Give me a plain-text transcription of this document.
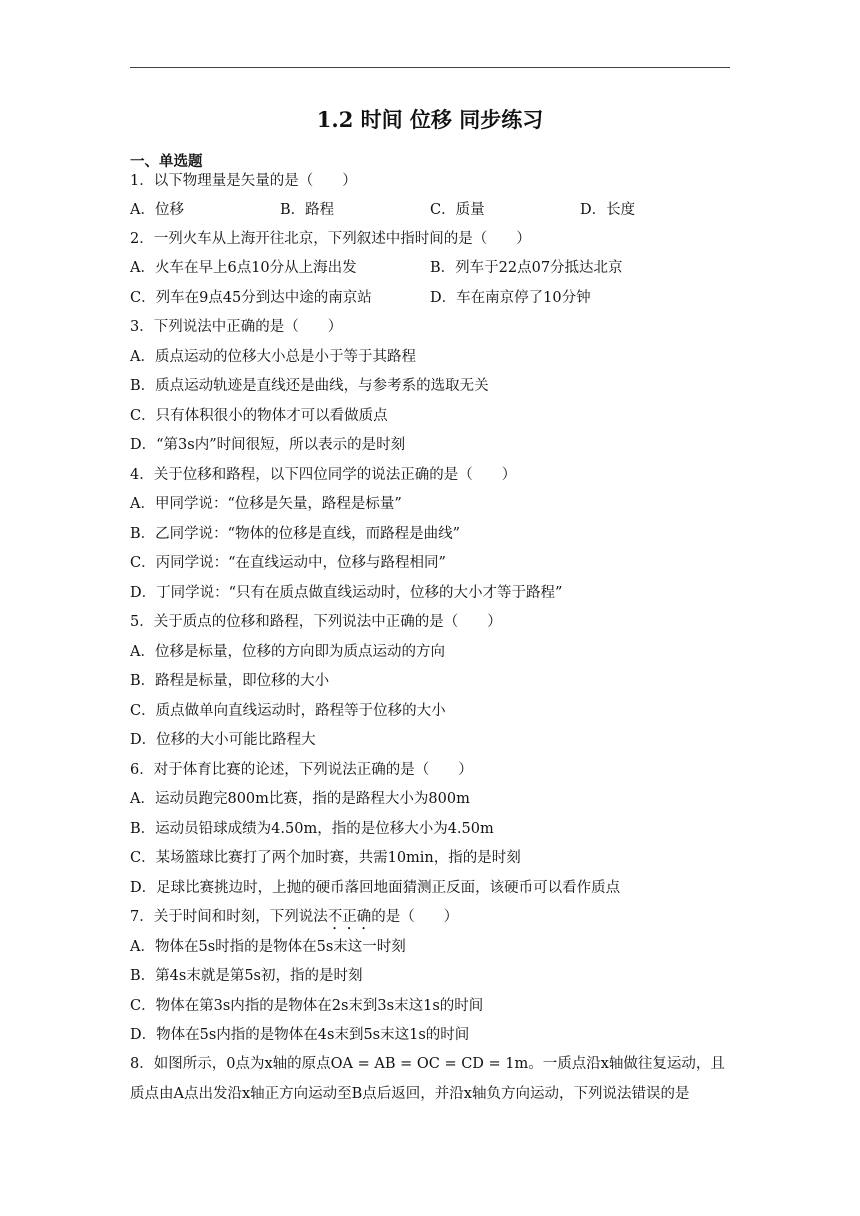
1.2 时间 位移 同步练习
一、单选题
1．以下物理量是矢量的是（　　）
A．位移	B．路程	C．质量	D．长度
2．一列火车从上海开往北京，下列叙述中指时间的是（　　）
A．火车在早上6点10分从上海出发	B．列车于22点07分抵达北京
C．列车在9点45分到达中途的南京站	D．车在南京停了10分钟
3．下列说法中正确的是（　　）
A．质点运动的位移大小总是小于等于其路程
B．质点运动轨迹是直线还是曲线，与参考系的选取无关
C．只有体积很小的物体才可以看做质点
D．“第3s内”时间很短，所以表示的是时刻
4．关于位移和路程，以下四位同学的说法正确的是（　　）
A．甲同学说：“位移是矢量，路程是标量”
B．乙同学说：“物体的位移是直线，而路程是曲线”
C．丙同学说：“在直线运动中，位移与路程相同”
D．丁同学说：“只有在质点做直线运动时，位移的大小才等于路程”
5．关于质点的位移和路程，下列说法中正确的是（　　）
A．位移是标量，位移的方向即为质点运动的方向
B．路程是标量，即位移的大小
C．质点做单向直线运动时，路程等于位移的大小
D．位移的大小可能比路程大
6．对于体育比赛的论述，下列说法正确的是（　　）
A．运动员跑完800m比赛，指的是路程大小为800m
B．运动员铅球成绩为4.50m，指的是位移大小为4.50m
C．某场篮球比赛打了两个加时赛，共需10min，指的是时刻
D．足球比赛挑边时，上抛的硬币落回地面猜测正反面，该硬币可以看作质点
7．关于时间和时刻，下列说法不正确的是（　　）
A．物体在5s时指的是物体在5s末这一时刻
B．第4s末就是第5s初，指的是时刻
C．物体在第3s内指的是物体在2s末到3s末这1s的时间
D．物体在5s内指的是物体在4s末到5s末这1s的时间
8．如图所示，0点为x轴的原点OA = AB = OC = CD = 1m。一质点沿x轴做往复运动，且质点由A点出发沿x轴正方向运动至B点后返回，并沿x轴负方向运动，下列说法错误的是
